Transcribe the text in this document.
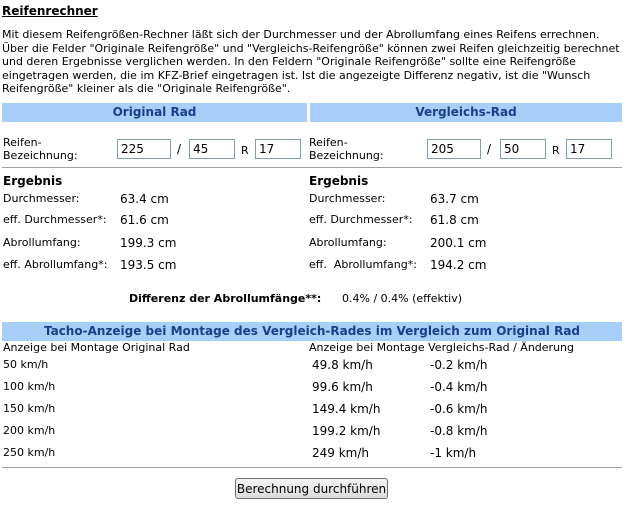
Reifenrechner
Mit diesem Reifengrößen-Rechner läßt sich der Durchmesser und der Abrollumfang eines Reifens errechnen. Über die Felder "Originale Reifengröße" und "Vergleichs-Reifengröße" können zwei Reifen gleichzeitig berechnet und deren Ergebnisse verglichen werden. In den Feldern "Originale Reifengröße" sollte eine Reifengröße eingetragen werden, die im KFZ-Brief eingetragen ist. Ist die angezeigte Differenz negativ, ist die "Wunsch Reifengröße" kleiner als die "Originale Reifengröße".
Original Rad	Vergleichs-Rad
Reifen-
Bezeichnung:
225	/
45	R
17
Reifen-
Bezeichnung:
205	/
50	R
17
Ergebnis
Durchmesser:	63.4 cm
eff. Durchmesser*: 61.6 cm
Abrollumfang:	199.3 cm
eff. Abrollumfang*: 193.5 cm
Ergebnis
Durchmesser:	63.7 cm
eff. Durchmesser*: 61.8 cm
Abrollumfang:	200.1 cm
eff.  Abrollumfang*: 194.2 cm
Differenz der Abrollumfänge**: 0.4% / 0.4% (effektiv)
Tacho-Anzeige bei Montage des Vergleich-Rades im Vergleich zum Original Rad
Anzeige bei Montage Original Rad	Anzeige bei Montage Vergleichs-Rad / Änderung
50 km/h	49.8 km/h	-0.2 km/h
100 km/h	99.6 km/h	-0.4 km/h
150 km/h	149.4 km/h	-0.6 km/h
200 km/h	199.2 km/h	-0.8 km/h
250 km/h	249 km/h	-1 km/h
Berechnung durchführen
